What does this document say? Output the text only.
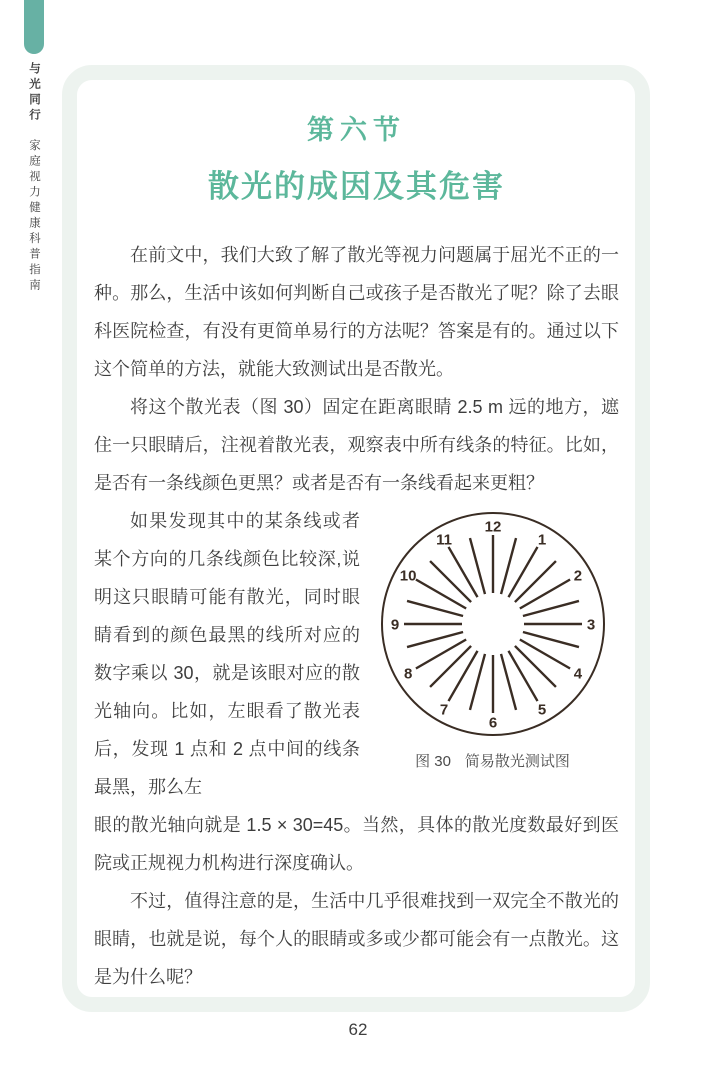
与光同行
家庭视力健康科普指南
第六节
散光的成因及其危害

在前文中，我们大致了解了散光等视力问题属于屈光不正的一种。那么，生活中该如何判断自己或孩子是否散光了呢？除了去眼科医院检查，有没有更简单易行的方法呢？答案是有的。通过以下这个简单的方法，就能大致测试出是否散光。

将这个散光表（图 30）固定在距离眼睛 2.5 m 远的地方，遮住一只眼睛后，注视着散光表，观察表中所有线条的特征。比如，是否有一条线颜色更黑？或者是否有一条线看起来更粗？

如果发现其中的某条线或者某个方向的几条线颜色比较深,说明这只眼睛可能有散光，同时眼睛看到的颜色最黑的线所对应的数字乘以 30，就是该眼对应的散光轴向。比如，左眼看了散光表后，发现 1 点和 2 点中间的线条最黑，那么左

1
2
3
4
5
6
7
8
9
10
11
12
图 30 简易散光测试图

眼的散光轴向就是 1.5 × 30=45。当然，具体的散光度数最好到医院或正规视力机构进行深度确认。

不过，值得注意的是，生活中几乎很难找到一双完全不散光的眼睛，也就是说，每个人的眼睛或多或少都可能会有一点散光。这是为什么呢？

62
